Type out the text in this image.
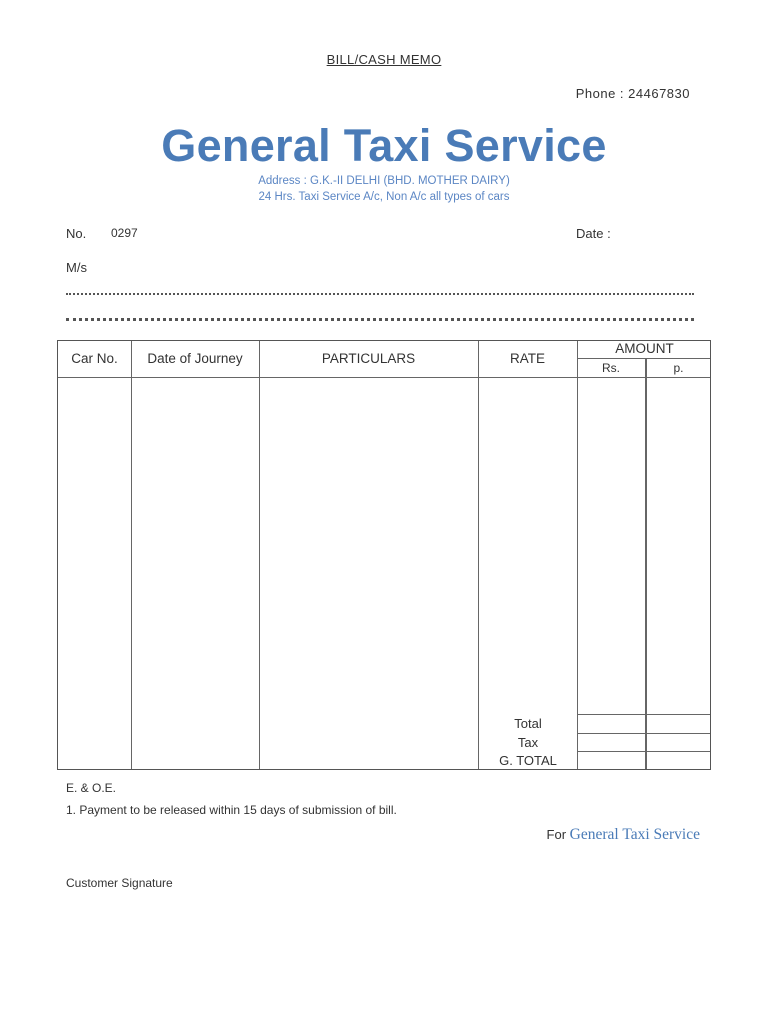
BILL/CASH MEMO
Phone : 24467830
General Taxi Service
Address : G.K.-II DELHI (BHD. MOTHER DAIRY)
24 Hrs. Taxi Service A/c, Non A/c all types of cars
No. 0297	Date :
M/s
Car No.	Date of Journey	PARTICULARS	RATE
AMOUNT
Rs.	p.
Total
Tax
G. TOTAL
E. & O.E.
1. Payment to be released within 15 days of submission of bill.
For General Taxi Service
Customer Signature
